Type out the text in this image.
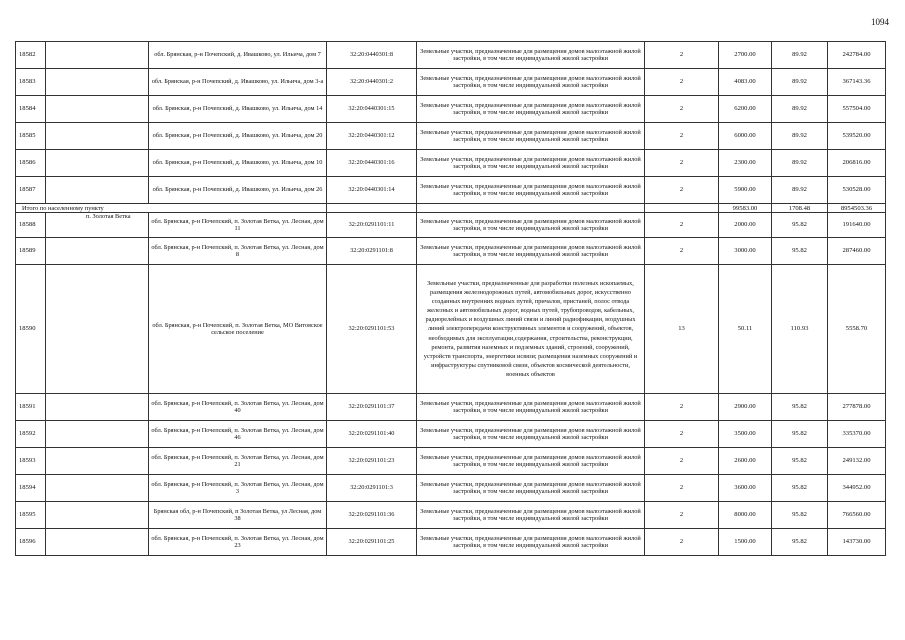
1094
18582		обл. Брянская, р-н Почепский, д. Ивашково, ул. Ильича, дом 7	32:20:0440301:8	Земельные участки, предназначенные для размещения домов малоэтажной жилой застройки, в том числе индивидуальной жилой застройки	2	2700.00	89.92	242784.00
18583		обл. Брянская, р-н Почепский, д. Ивашково, ул. Ильича, дом 3-а	32:20:0440301:2	Земельные участки, предназначенные для размещения домов малоэтажной жилой застройки, в том числе индивидуальной жилой застройки	2	4083.00	89.92	367143.36
18584		обл. Брянская, р-н Почепский, д. Ивашково, ул. Ильича, дом 14	32:20:0440301:15	Земельные участки, предназначенные для размещения домов малоэтажной жилой застройки, в том числе индивидуальной жилой застройки	2	6200.00	89.92	557504.00
18585		обл. Брянская, р-н Почепский, д. Ивашково, ул. Ильича, дом 20	32:20:0440301:12	Земельные участки, предназначенные для размещения домов малоэтажной жилой застройки, в том числе индивидуальной жилой застройки	2	6000.00	89.92	539520.00
18586		обл. Брянская, р-н Почепский, д. Ивашково, ул. Ильича, дом 10	32:20:0440301:16	Земельные участки, предназначенные для размещения домов малоэтажной жилой застройки, в том числе индивидуальной жилой застройки	2	2300.00	89.92	206816.00
18587		обл. Брянская, р-н Почепский, д. Ивашково, ул. Ильича, дом 26	32:20:0440301:14	Земельные участки, предназначенные для размещения домов малоэтажной жилой застройки, в том числе индивидуальной жилой застройки	2	5900.00	89.92	530528.00
Итого по населенному пункту						99583.00	1708.48	8954503.36
18588	п. Золотая Ветка	обл. Брянская, р-н Почепский, п. Золотая Ветка, ул. Лесная, дом 11	32:20:0291101:11	Земельные участки, предназначенные для размещения домов малоэтажной жилой застройки, в том числе индивидуальной жилой застройки	2	2000.00	95.82	191640.00
18589		обл. Брянская, р-н Почепский, п. Золотая Ветка, ул. Лесная, дом 8	32:20:0291101:8	Земельные участки, предназначенные для размещения домов малоэтажной жилой застройки, в том числе индивидуальной жилой застройки	2	3000.00	95.82	287460.00
18590		обл. Брянская, р-н Почепский, п. Золотая Ветка, МО Витовское сельское поселение	32:20:0291101:53	Земельные участки, предназначенные для разработки полезных ископаемых, размещения железнодорожных путей, автомобильных дорог, искусственно созданных внутренних водных путей, причалов, пристаней, полос отвода железных и автомобильных дорог, водных путей, трубопроводов, кабельных, радиорелейных и воздушных линий связи и линий радиофикации, воздушных линий электропередачи конструктивных элементов и сооружений, объектов, необходимых для эксплуатации,содержания, строительства, реконструкции, ремонта, развития наземных и подземных зданий, строений, сооружений, устройств транспорта, энергетики исвязи; размещения наземных сооружений и инфраструктуры спутниковой связи, объектов космической деятельности, военных объектов	13	50.11	110.93	5558.70
18591		обл. Брянская, р-н Почепский, п. Золотая Ветка, ул. Лесная, дом 40	32:20:0291101:37	Земельные участки, предназначенные для размещения домов малоэтажной жилой застройки, в том числе индивидуальной жилой застройки	2	2900.00	95.82	277878.00
18592		обл. Брянская, р-н Почепский, п. Золотая Ветка, ул. Лесная, дом 46	32:20:0291101:40	Земельные участки, предназначенные для размещения домов малоэтажной жилой застройки, в том числе индивидуальной жилой застройки	2	3500.00	95.82	335370.00
18593		обл. Брянская, р-н Почепский, п. Золотая Ветка, ул. Лесная, дом 21	32:20:0291101:23	Земельные участки, предназначенные для размещения домов малоэтажной жилой застройки, в том числе индивидуальной жилой застройки	2	2600.00	95.82	249132.00
18594		обл. Брянская, р-н Почепский, п. Золотая Ветка, ул. Лесная, дом 3	32:20:0291101:3	Земельные участки, предназначенные для размещения домов малоэтажной жилой застройки, в том числе индивидуальной жилой застройки	2	3600.00	95.82	344952.00
18595		Брянская обл, р-н Почепский, п Золотая Ветка, ул Лесная, дом 38	32:20:0291101:36	Земельные участки, предназначенные для размещения домов малоэтажной жилой застройки, в том числе индивидуальной жилой застройки	2	8000.00	95.82	766560.00
18596		обл. Брянская, р-н Почепский, п. Золотая Ветка, ул. Лесная, дом 23	32:20:0291101:25	Земельные участки, предназначенные для размещения домов малоэтажной жилой застройки, в том числе индивидуальной жилой застройки	2	1500.00	95.82	143730.00
